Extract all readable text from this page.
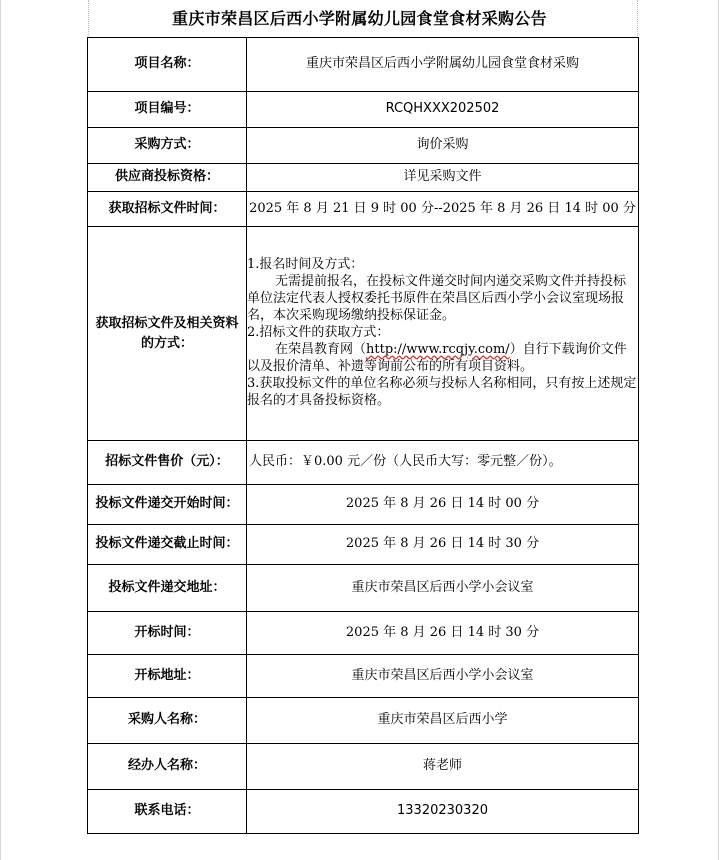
重庆市荣昌区后西小学附属幼儿园食堂食材采购公告
项目名称：	重庆市荣昌区后西小学附属幼儿园食堂食材采购
项目编号：	RCQHXXX202502
采购方式：	询价采购
供应商投标资格：	详见采购文件
获取招标文件时间：	2025 年 8 月 21 日 9 时 00 分--2025 年 8 月 26 日 14 时 00 分
获取招标文件及相关资料的方式：	1.报名时间及方式：

无需提前报名，在投标文件递交时间内递交采购文件并持投标单位法定代表人授权委托书原件在荣昌区后西小学小会议室现场报名，本次采购现场缴纳投标保证金。

2.招标文件的获取方式：

在荣昌教育网（http://www.rcqjy.com/）自行下载询价文件以及报价清单、补遗等询前公布的所有项目资料。

3.获取投标文件的单位名称必须与投标人名称相同，只有按上述规定报名的才具备投标资格。

招标文件售价（元）：	人民币：￥0.00 元／份（人民币大写：零元整／份）。
投标文件递交开始时间：	2025 年 8 月 26 日 14 时 00 分
投标文件递交截止时间：	2025 年 8 月 26 日 14 时 30 分
投标文件递交地址：	重庆市荣昌区后西小学小会议室
开标时间：	2025 年 8 月 26 日 14 时 30 分
开标地址：	重庆市荣昌区后西小学小会议室
采购人名称：	重庆市荣昌区后西小学
经办人名称：	蒋老师
联系电话：	13320230320
